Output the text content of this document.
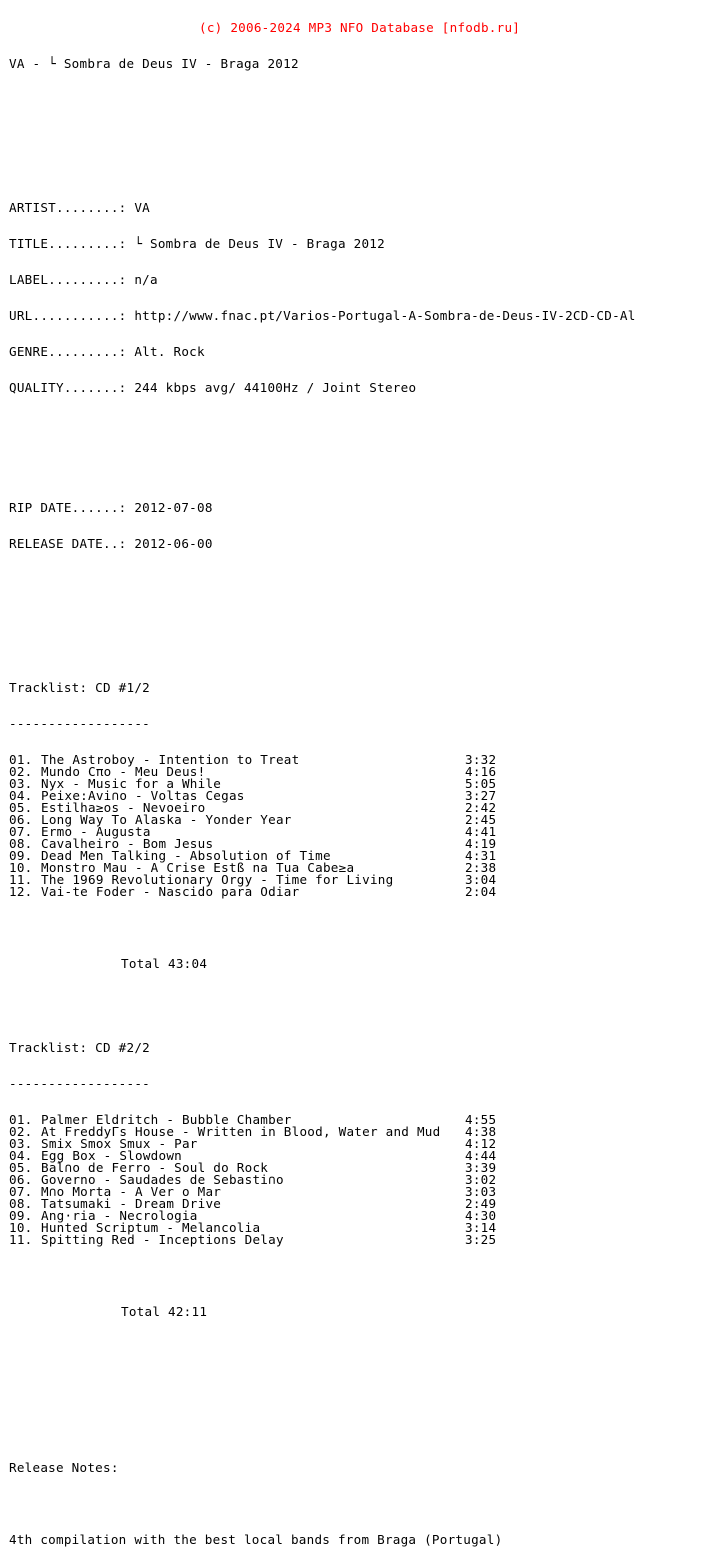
(c) 2006-2024 MP3 NFO Database [nfodb.ru]

VA - └ Sombra de Deus IV - Braga 2012

ARTIST........: VA

TITLE.........: └ Sombra de Deus IV - Braga 2012

LABEL.........: n/a

URL...........: http://www.fnac.pt/Varios-Portugal-A-Sombra-de-Deus-IV-2CD-CD-Al

GENRE.........: Alt. Rock

QUALITY.......: 244 kbps avg/ 44100Hz / Joint Stereo

RIP DATE......: 2012-07-08

RELEASE DATE..: 2012-06-00

Tracklist: CD #1/2

------------------

01. The Astroboy - Intention to Treat	3:32
02. Mundo Cπo - Meu Deus!	4:16
03. Nyx - Music for a While	5:05
04. Peixe:Avi∩o - Voltas Cegas	3:27
05. Estilha≥os - Nevoeiro	2:42
06. Long Way To Alaska - Yonder Year	2:45
07. Ermo - Augusta	4:41
08. Cavalheiro - Bom Jesus	4:19
09. Dead Men Talking - Absolution of Time	4:31
10. Monstro Mau - A Crise Estß na Tua Cabe≥a	2:38
11. The 1969 Revolutionary Orgy - Time for Living	3:04
12. Vai-te Foder - Nascido para Odiar	2:04

Total 43:04

Tracklist: CD #2/2

------------------

01. Palmer Eldritch - Bubble Chamber	4:55
02. At FreddyΓs House - Written in Blood, Water and Mud	4:38
03. Smix Smox Smux - Par	4:12
04. Egg Box - Slowdown	4:44
05. Bal∩o de Ferro - Soul do Rock	3:39
06. Governo - Saudades de Sebasti∩o	3:02
07. M∩o Morta - A Ver o Mar	3:03
08. Tatsumaki - Dream Drive	2:49
09. Ang·ria - Necrologia	4:30
10. Hunted Scriptum - Melancolia	3:14
11. Spitting Red - Inceptions Delay	3:25

Total 42:11

Release Notes:

4th compilation with the best local bands from Braga (Portugal)
